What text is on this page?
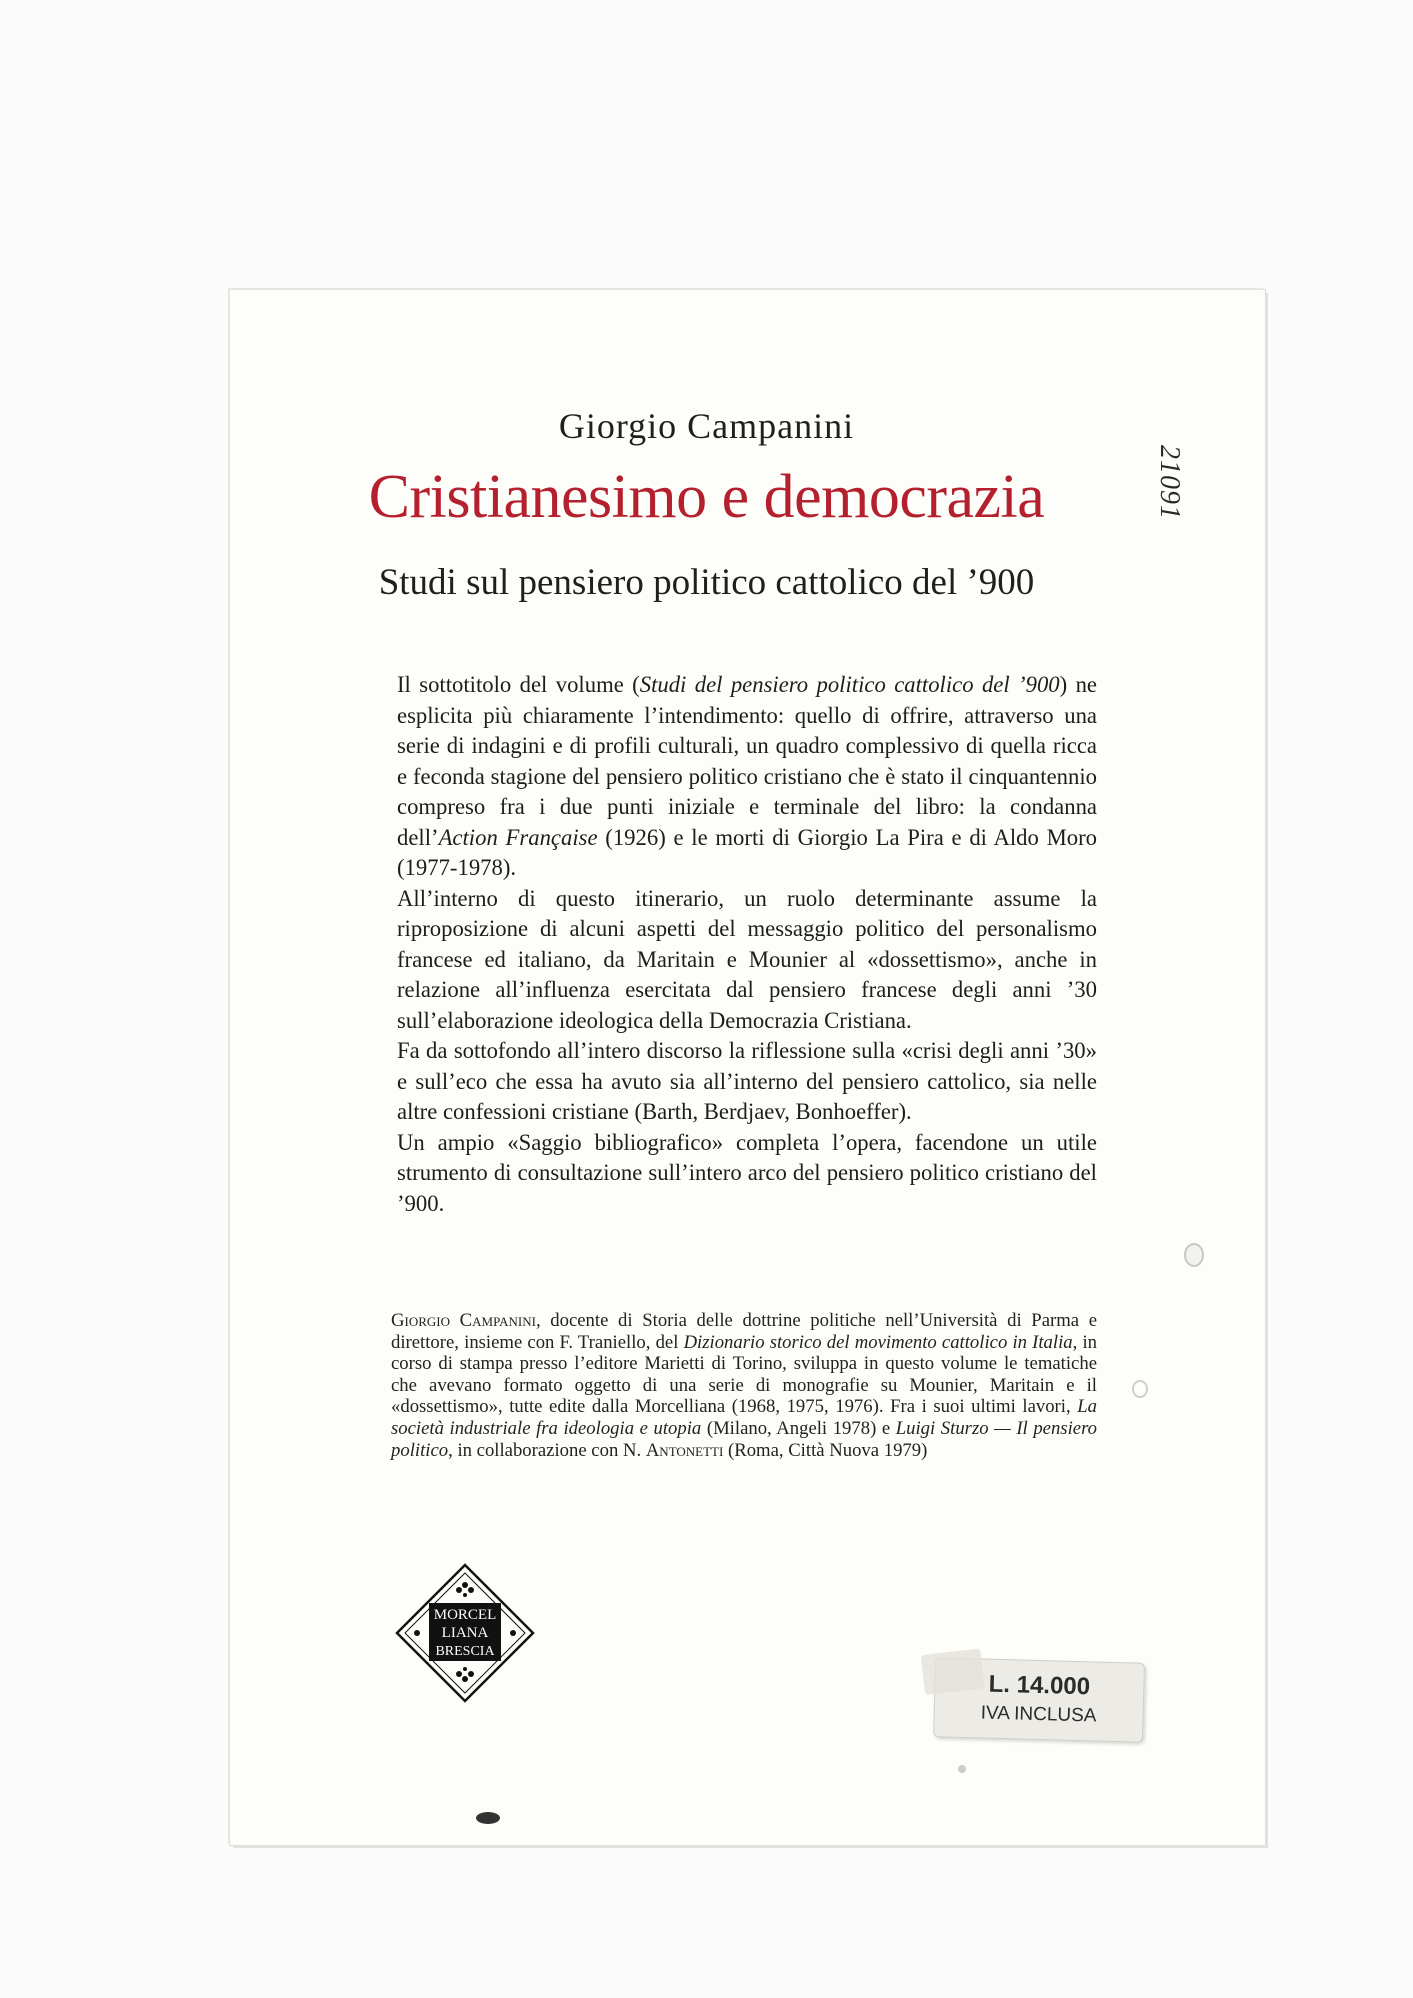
Giorgio Campanini
Cristianesimo e democrazia
Studi sul pensiero politico cattolico del ’900
21091

Il sottotitolo del volume (Studi del pensiero politico cattolico del ’900) ne esplicita più chiaramente l’intendimento: quello di offrire, attraverso una serie di indagini e di profili culturali, un quadro complessivo di quella ricca e feconda stagione del pensiero politico cristiano che è stato il cinquantennio compreso fra i due punti iniziale e terminale del libro: la condanna dell’Action Française (1926) e le morti di Giorgio La Pira e di Aldo Moro (1977-1978).

All’interno di questo itinerario, un ruolo determinante assume la riproposizione di alcuni aspetti del messaggio politico del personalismo francese ed italiano, da Maritain e Mounier al «dossettismo», anche in relazione all’influenza esercitata dal pensiero francese degli anni ’30 sull’elaborazione ideologica della Democrazia Cristiana.

Fa da sottofondo all’intero discorso la riflessione sulla «crisi degli anni ’30» e sull’eco che essa ha avuto sia all’interno del pensiero cattolico, sia nelle altre confessioni cristiane (Barth, Berdjaev, Bonhoeffer).

Un ampio «Saggio bibliografico» completa l’opera, facendone un utile strumento di consultazione sull’intero arco del pensiero politico cristiano del ’900.

Giorgio Campanini, docente di Storia delle dottrine politiche nell’Università di Parma e direttore, insieme con F. Traniello, del Dizionario storico del movimento cattolico in Italia, in corso di stampa presso l’editore Marietti di Torino, sviluppa in questo volume le tematiche che avevano formato oggetto di una serie di monografie su Mounier, Maritain e il «dossettismo», tutte edite dalla Morcelliana (1968, 1975, 1976). Fra i suoi ultimi lavori, La società industriale fra ideologia e utopia (Milano, Angeli 1978) e Luigi Sturzo — Il pensiero politico, in collaborazione con N. Antonetti (Roma, Città Nuova 1979)

MORCEL
LIANA
BRESCIA
L. 14.000
IVA INCLUSA
